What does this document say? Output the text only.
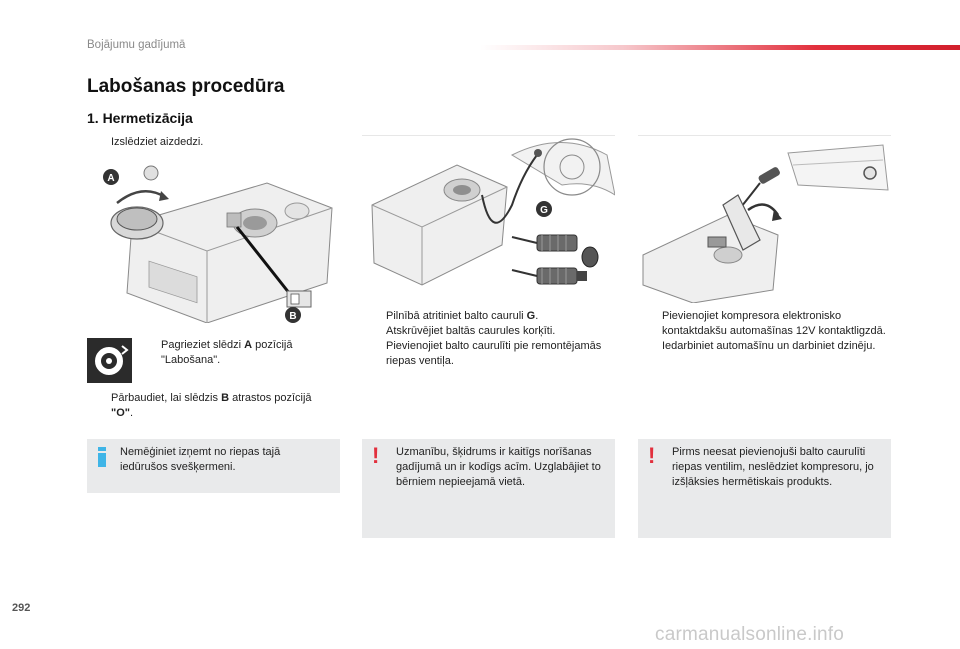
Bojājumu gadījumā
Labošanas procedūra
1. Hermetizācija
Izslēdziet aizdedzi.
A
B
Pagrieziet slēdzi A pozīcijā "Labošana".
Pārbaudiet, lai slēdzis B atrastos pozīcijā "O".
Nemēģiniet izņemt no riepas tajā iedūrušos svešķermeni.
G
Pilnībā atritiniet balto cauruli G.
Atskrūvējiet baltās caurules korķīti.
Pievienojiet balto caurulīti pie remontējamās riepas ventiļa.
! Uzmanību, šķidrums ir kaitīgs norīšanas gadījumā un ir kodīgs acīm. Uzglabājiet to bērniem nepieejamā vietā.
Pievienojiet kompresora elektronisko kontaktdakšu automašīnas 12V kontaktligzdā.
Iedarbiniet automašīnu un darbiniet dzinēju.
! Pirms neesat pievienojuši balto caurulīti riepas ventilim, neslēdziet kompresoru, jo izšļāksies hermētiskais produkts.
292
carmanualsonline.info
